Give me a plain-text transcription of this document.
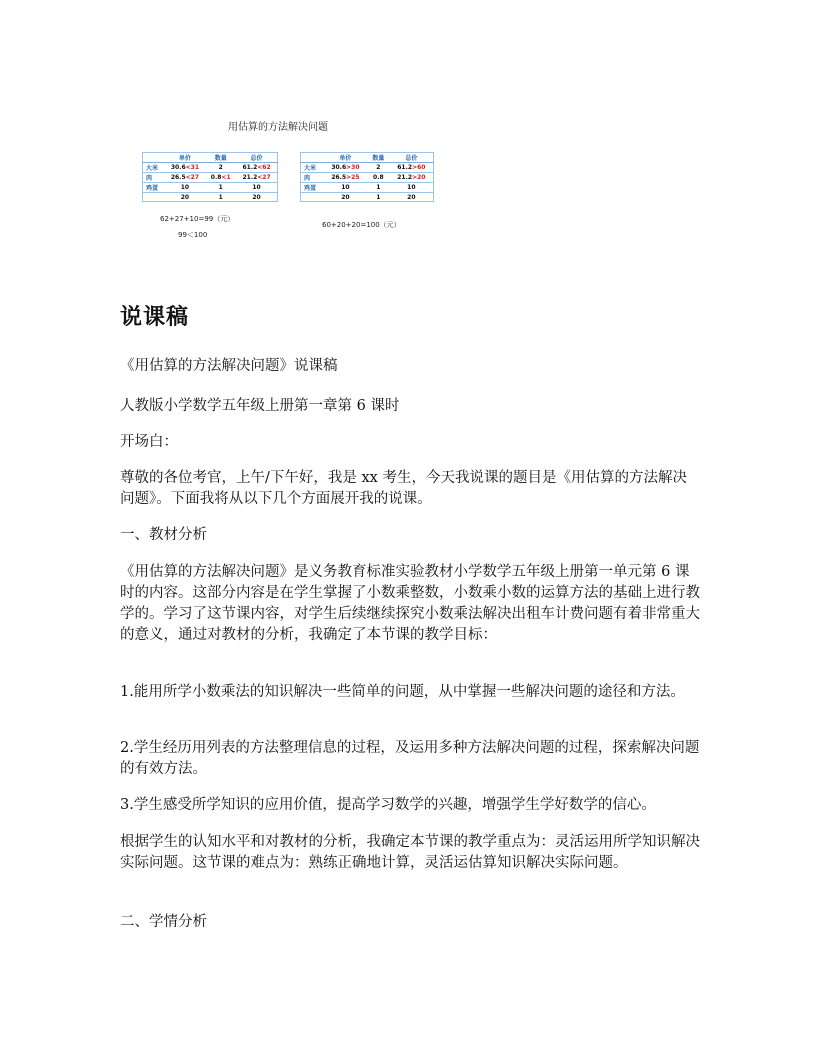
用估算的方法解决问题
	单价	数量	总价
大米	30.6<31	2	61.2<62
肉	26.5<27	0.8<1	21.2<27
鸡蛋	10	1	10
	20	1	20
	单价	数量	总价
大米	30.6>30	2	61.2>60
肉	26.5>25	0.8	21.2>20
鸡蛋	10	1	10
	20	1	20
62+27+10=99（元）
99＜100
60+20+20=100（元）
说课稿
《用估算的方法解决问题》说课稿
人教版小学数学五年级上册第一章第 6 课时
开场白：
尊敬的各位考官，上午/下午好，我是 xx 考生，今天我说课的题目是《用估算的方法解决问题》。下面我将从以下几个方面展开我的说课。
一、教材分析
《用估算的方法解决问题》是义务教育标准实验教材小学数学五年级上册第一单元第 6 课时的内容。这部分内容是在学生掌握了小数乘整数，小数乘小数的运算方法的基础上进行教学的。学习了这节课内容，对学生后续继续探究小数乘法解决出租车计费问题有着非常重大的意义，通过对教材的分析，我确定了本节课的教学目标：
1.能用所学小数乘法的知识解决一些简单的问题，从中掌握一些解决问题的途径和方法。
2.学生经历用列表的方法整理信息的过程，及运用多种方法解决问题的过程，探索解决问题的有效方法。
3.学生感受所学知识的应用价值，提高学习数学的兴趣，增强学生学好数学的信心。
根据学生的认知水平和对教材的分析，我确定本节课的教学重点为：灵活运用所学知识解决实际问题。这节课的难点为：熟练正确地计算，灵活运估算知识解决实际问题。
二、学情分析
